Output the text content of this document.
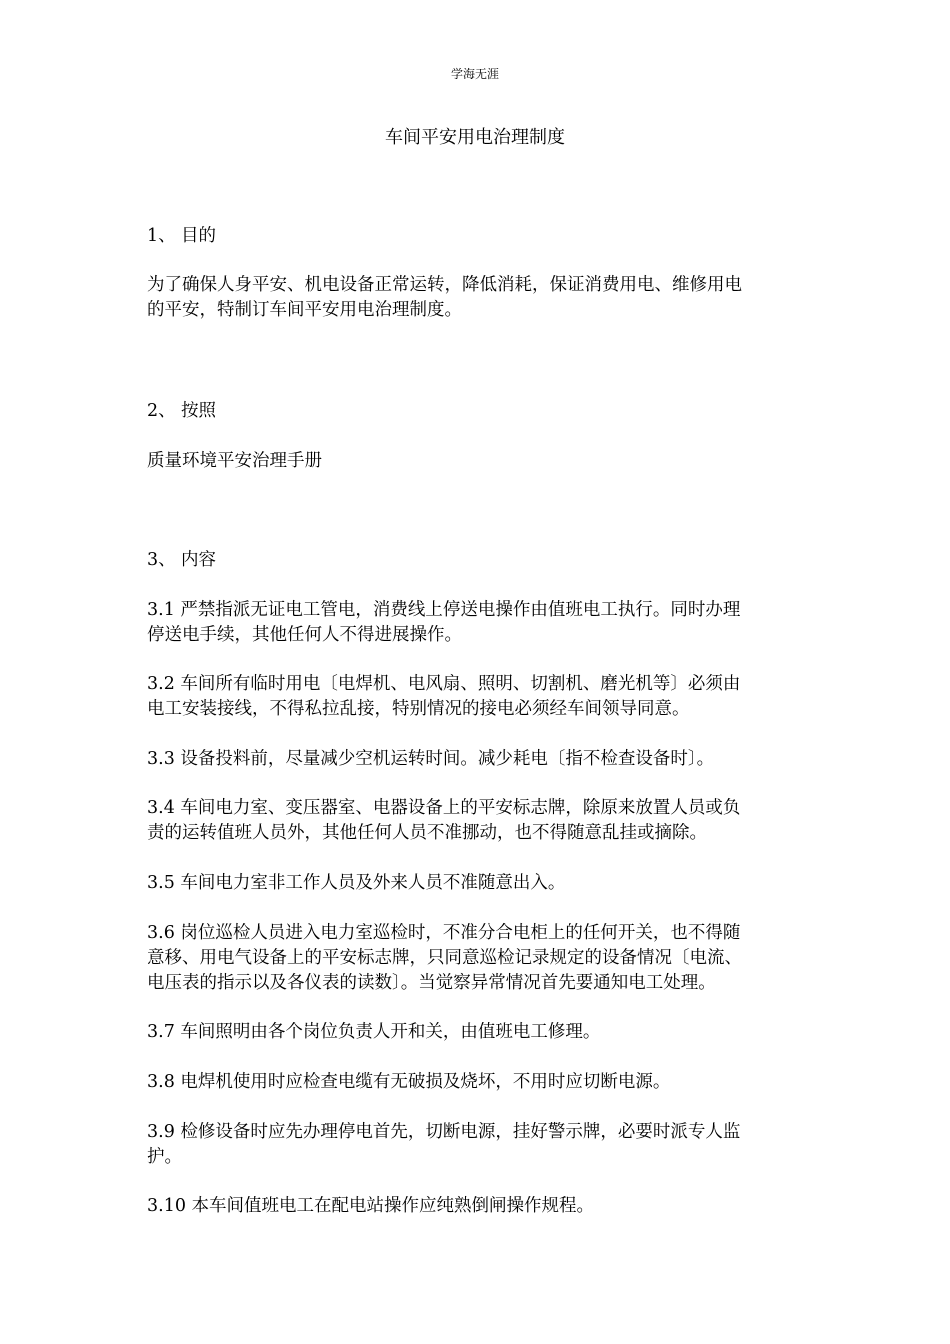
学海无涯
车间平安用电治理制度

1、 目的

为了确保人身平安、机电设备正常运转，降低消耗，保证消费用电、维修用电
的平安，特制订车间平安用电治理制度。

2、 按照

质量环境平安治理手册

3、 内容

3.1 严禁指派无证电工管电，消费线上停送电操作由值班电工执行。同时办理
停送电手续，其他任何人不得进展操作。

3.2 车间所有临时用电〔电焊机、电风扇、照明、切割机、磨光机等〕必须由
电工安装接线，不得私拉乱接，特别情况的接电必须经车间领导同意。

3.3 设备投料前，尽量减少空机运转时间。减少耗电〔指不检查设备时〕。

3.4 车间电力室、变压器室、电器设备上的平安标志牌，除原来放置人员或负
责的运转值班人员外，其他任何人员不准挪动，也不得随意乱挂或摘除。

3.5 车间电力室非工作人员及外来人员不准随意出入。

3.6 岗位巡检人员进入电力室巡检时，不准分合电柜上的任何开关，也不得随
意移、用电气设备上的平安标志牌，只同意巡检记录规定的设备情况〔电流、
电压表的指示以及各仪表的读数〕。当觉察异常情况首先要通知电工处理。

3.7 车间照明由各个岗位负责人开和关，由值班电工修理。

3.8 电焊机使用时应检查电缆有无破损及烧坏，不用时应切断电源。

3.9 检修设备时应先办理停电首先，切断电源，挂好警示牌，必要时派专人监
护。

3.10 本车间值班电工在配电站操作应纯熟倒闸操作规程。
